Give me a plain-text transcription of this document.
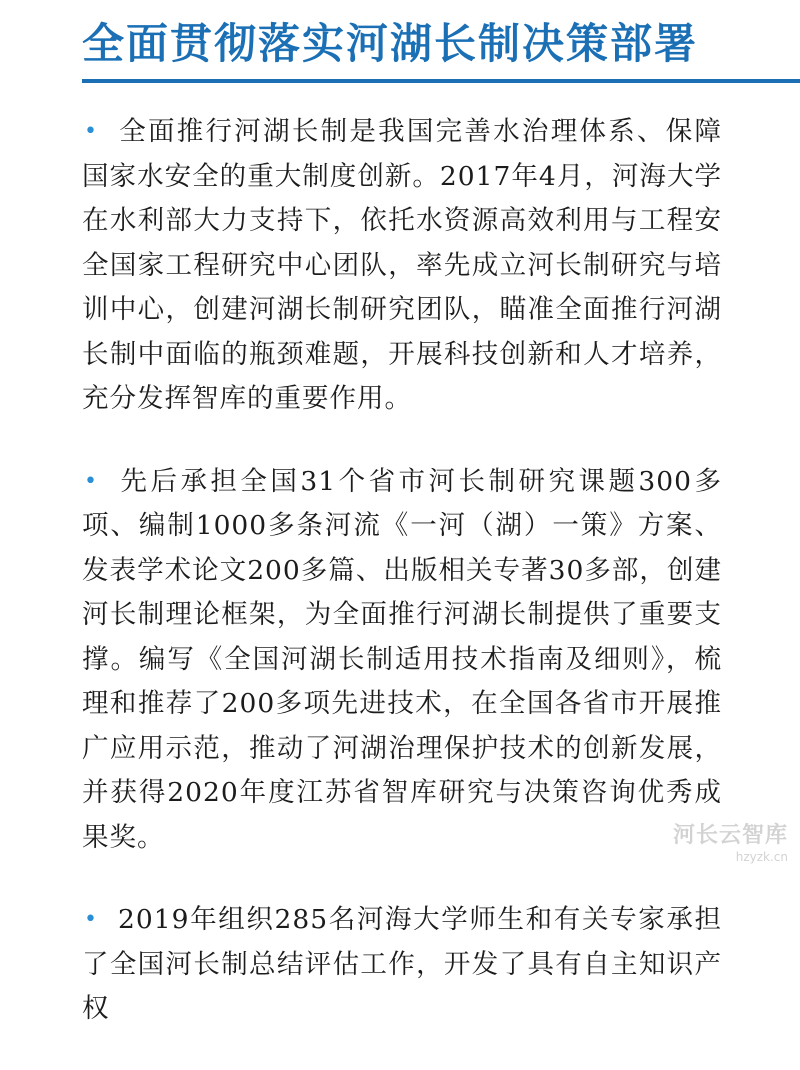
全面贯彻落实河湖长制决策部署

• 全面推行河湖长制是我国完善水治理体系、保障国家水安全的重大制度创新。2017年4月，河海大学在水利部大力支持下，依托水资源高效利用与工程安全国家工程研究中心团队，率先成立河长制研究与培训中心，创建河湖长制研究团队，瞄准全面推行河湖长制中面临的瓶颈难题，开展科技创新和人才培养，充分发挥智库的重要作用。

• 先后承担全国31个省市河长制研究课题300多项、编制1000多条河流《一河（湖）一策》方案、发表学术论文200多篇、出版相关专著30多部，创建河长制理论框架，为全面推行河湖长制提供了重要支撑。编写《全国河湖长制适用技术指南及细则》，梳理和推荐了200多项先进技术，在全国各省市开展推广应用示范，推动了河湖治理保护技术的创新发展，并获得2020年度江苏省智库研究与决策咨询优秀成果奖。

• 2019年组织285名河海大学师生和有关专家承担了全国河长制总结评估工作，开发了具有自主知识产权

河长云智库
hzyzk.cn
